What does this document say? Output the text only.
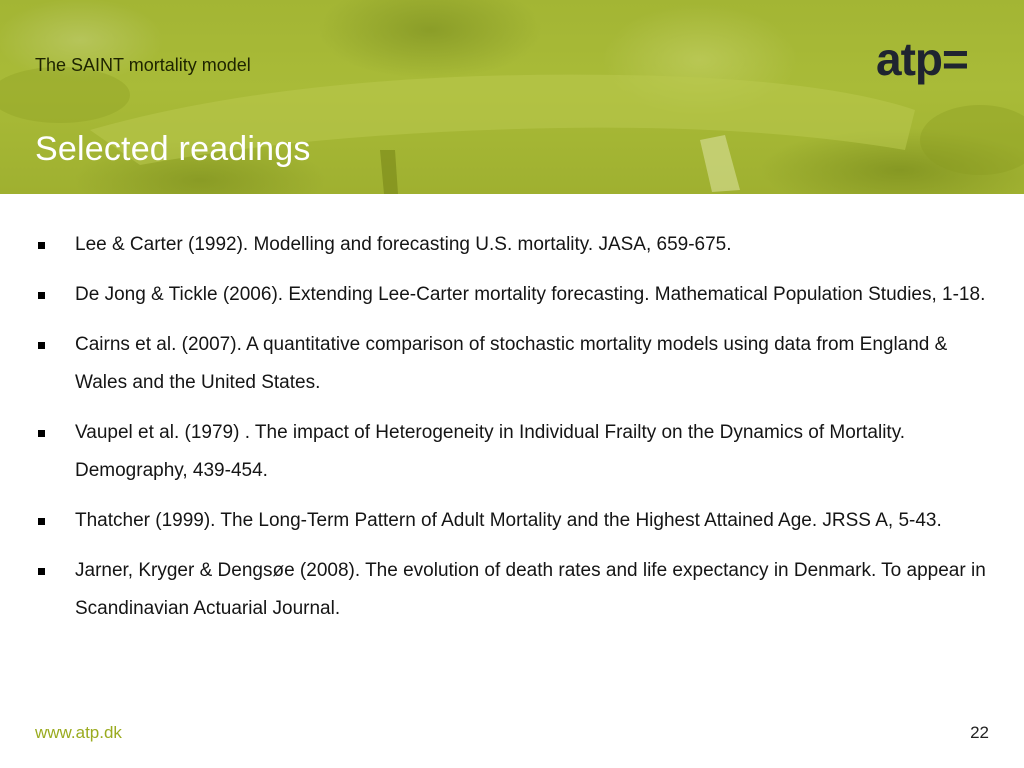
The SAINT mortality model
Selected readings
atp=
Lee & Carter (1992). Modelling and forecasting U.S. mortality. JASA, 659-675.
De Jong & Tickle (2006). Extending Lee-Carter mortality forecasting. Mathematical Population Studies, 1-18.
Cairns et al. (2007). A quantitative comparison of stochastic mortality models using data from England & Wales and the United States.
Vaupel et al. (1979) . The impact of Heterogeneity in Individual Frailty on the Dynamics of Mortality. Demography, 439-454.
Thatcher (1999). The Long-Term Pattern of Adult Mortality and the Highest Attained Age. JRSS A, 5-43.
Jarner, Kryger & Dengsøe (2008). The evolution of death rates and life expectancy in Denmark. To appear in Scandinavian Actuarial Journal.
www.atp.dk	22
